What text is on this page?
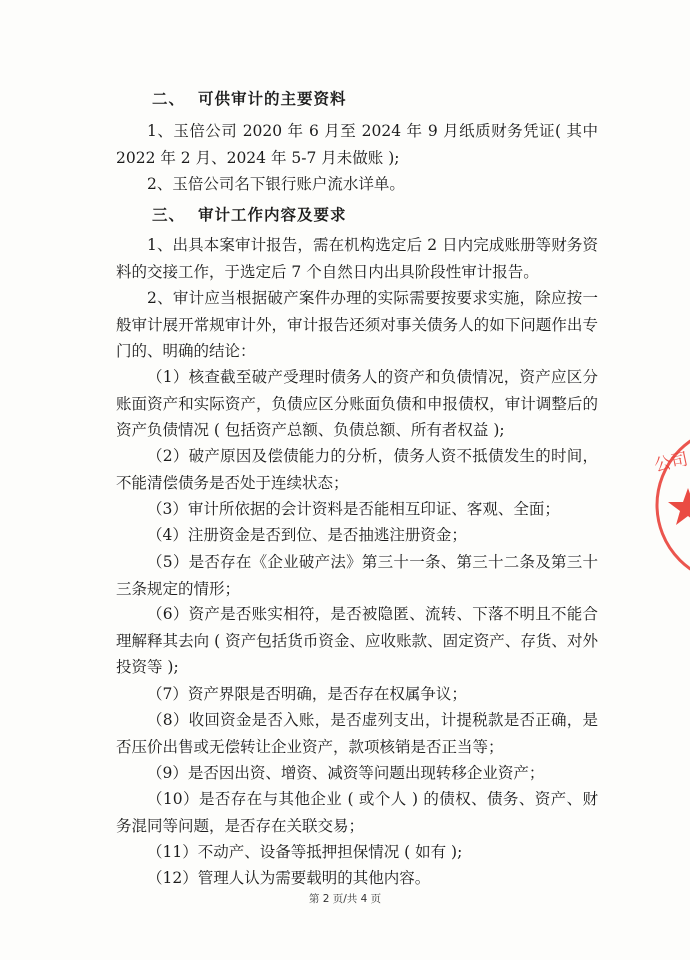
二、 可供审计的主要资料

1、玉倍公司 2020 年 6 月至 2024 年 9 月纸质财务凭证( 其中 2022 年 2 月、2024 年 5-7 月未做账 );

2、玉倍公司名下银行账户流水详单。

三、 审计工作内容及要求

1、出具本案审计报告，需在机构选定后 2 日内完成账册等财务资料的交接工作，于选定后 7 个自然日内出具阶段性审计报告。

2、审计应当根据破产案件办理的实际需要按要求实施，除应按一般审计展开常规审计外，审计报告还须对事关债务人的如下问题作出专门的、明确的结论：

（1）核查截至破产受理时债务人的资产和负债情况，资产应区分账面资产和实际资产，负债应区分账面负债和申报债权，审计调整后的资产负债情况 ( 包括资产总额、负债总额、所有者权益 );

（2）破产原因及偿债能力的分析，债务人资不抵债发生的时间，不能清偿债务是否处于连续状态；

（3）审计所依据的会计资料是否能相互印证、客观、全面；

（4）注册资金是否到位、是否抽逃注册资金；

（5）是否存在《企业破产法》第三十一条、第三十二条及第三十三条规定的情形；

（6）资产是否账实相符，是否被隐匿、流转、下落不明且不能合理解释其去向 ( 资产包括货币资金、应收账款、固定资产、存货、对外投资等 );

（7）资产界限是否明确，是否存在权属争议；

（8）收回资金是否入账，是否虚列支出，计提税款是否正确，是否压价出售或无偿转让企业资产，款项核销是否正当等；

（9）是否因出资、增资、减资等问题出现转移企业资产；

（10）是否存在与其他企业 ( 或个人 ) 的债权、债务、资产、财务混同等问题，是否存在关联交易；

（11）不动产、设备等抵押担保情况 ( 如有 );

（12）管理人认为需要载明的其他内容。

第 2 页/共 4 页
公司
